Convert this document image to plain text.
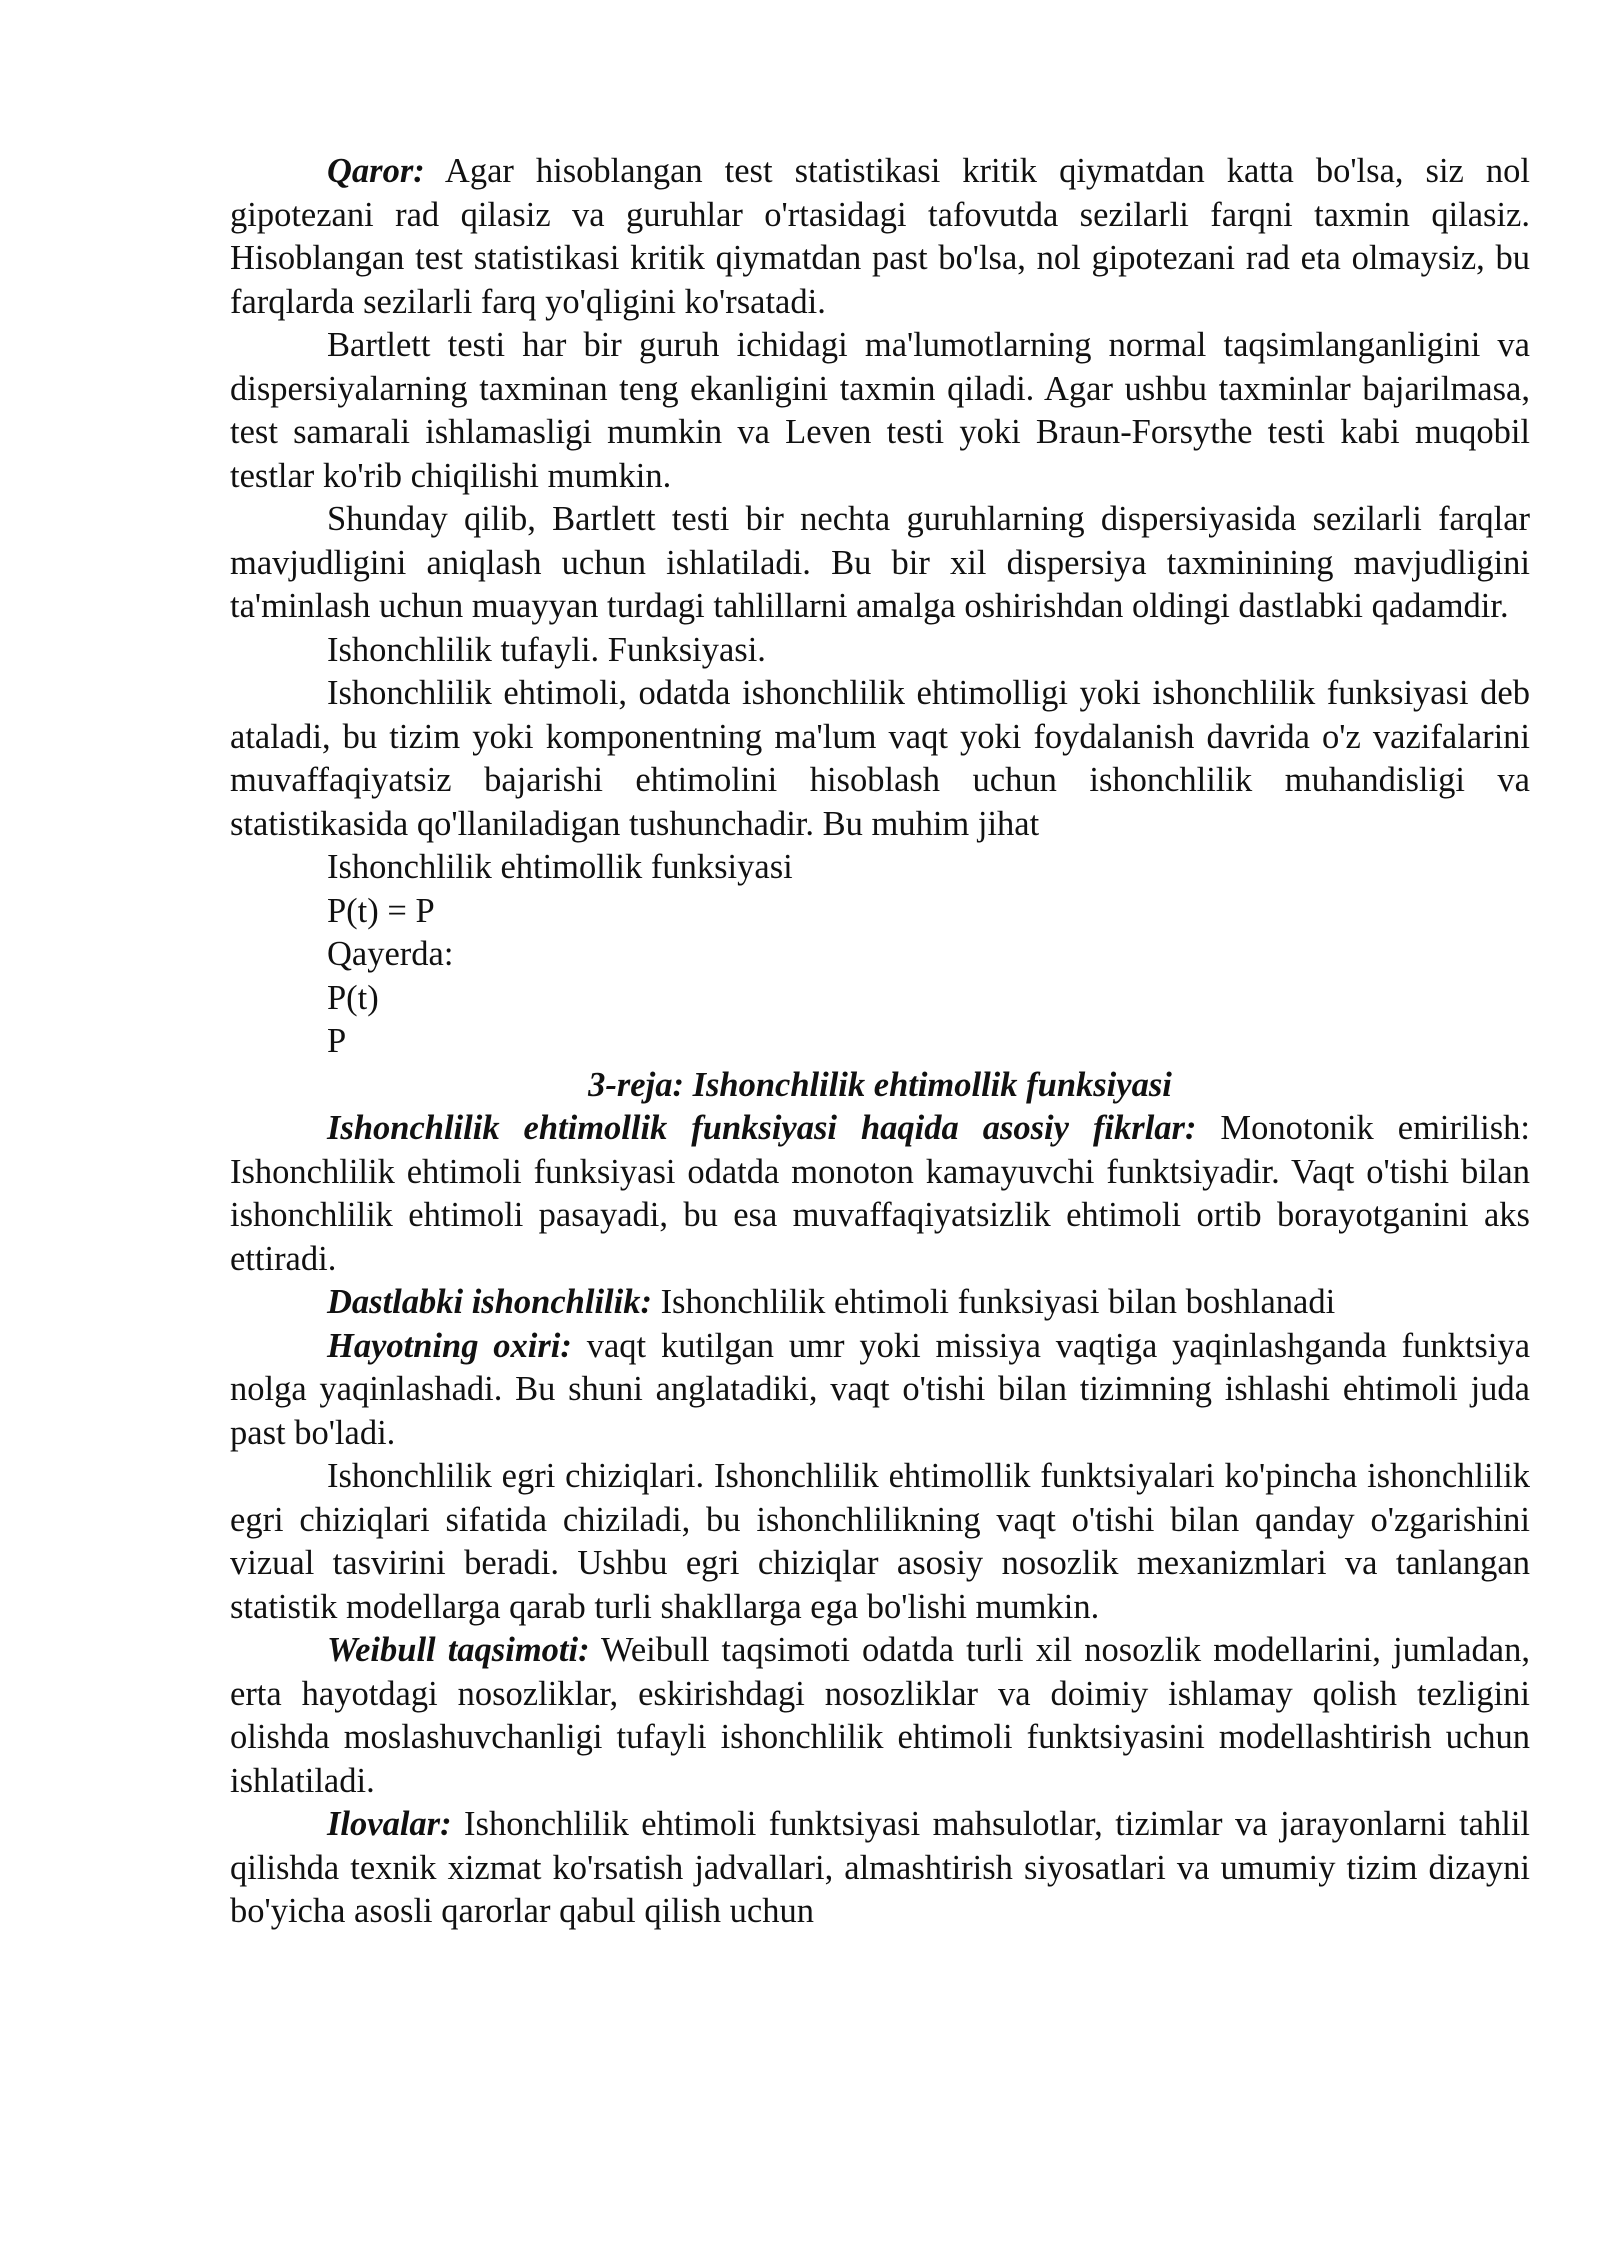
Qaror: Agar hisoblangan test statistikasi kritik qiymatdan katta bo'lsa, siz nol gipotezani rad qilasiz va guruhlar o'rtasidagi tafovutda sezilarli farqni taxmin qilasiz. Hisoblangan test statistikasi kritik qiymatdan past bo'lsa, nol gipotezani rad eta olmaysiz, bu farqlarda sezilarli farq yo'qligini ko'rsatadi.

Bartlett testi har bir guruh ichidagi ma'lumotlarning normal taqsimlanganligini va dispersiyalarning taxminan teng ekanligini taxmin qiladi. Agar ushbu taxminlar bajarilmasa, test samarali ishlamasligi mumkin va Leven testi yoki Braun-Forsythe testi kabi muqobil testlar ko'rib chiqilishi mumkin.

Shunday qilib, Bartlett testi bir nechta guruhlarning dispersiyasida sezilarli farqlar mavjudligini aniqlash uchun ishlatiladi. Bu bir xil dispersiya taxminining mavjudligini ta'minlash uchun muayyan turdagi tahlillarni amalga oshirishdan oldingi dastlabki qadamdir.

Ishonchlilik tufayli. Funksiyasi.

Ishonchlilik ehtimoli, odatda ishonchlilik ehtimolligi yoki ishonchlilik funksiyasi deb ataladi, bu tizim yoki komponentning ma'lum vaqt yoki foydalanish davrida o'z vazifalarini muvaffaqiyatsiz bajarishi ehtimolini hisoblash uchun ishonchlilik muhandisligi va statistikasida qo'llaniladigan tushunchadir. Bu muhim jihat

Ishonchlilik ehtimollik funksiyasi

P(t) = P

Qayerda:

P(t)

P

3-reja: Ishonchlilik ehtimollik funksiyasi

Ishonchlilik ehtimollik funksiyasi haqida asosiy fikrlar: Monotonik emirilish: Ishonchlilik ehtimoli funksiyasi odatda monoton kamayuvchi funktsiyadir. Vaqt o'tishi bilan ishonchlilik ehtimoli pasayadi, bu esa muvaffaqiyatsizlik ehtimoli ortib borayotganini aks ettiradi.

Dastlabki ishonchlilik: Ishonchlilik ehtimoli funksiyasi bilan boshlanadi

Hayotning oxiri: vaqt kutilgan umr yoki missiya vaqtiga yaqinlashganda funktsiya nolga yaqinlashadi. Bu shuni anglatadiki, vaqt o'tishi bilan tizimning ishlashi ehtimoli juda past bo'ladi.

Ishonchlilik egri chiziqlari. Ishonchlilik ehtimollik funktsiyalari ko'pincha ishonchlilik egri chiziqlari sifatida chiziladi, bu ishonchlilikning vaqt o'tishi bilan qanday o'zgarishini vizual tasvirini beradi. Ushbu egri chiziqlar asosiy nosozlik mexanizmlari va tanlangan statistik modellarga qarab turli shakllarga ega bo'lishi mumkin.

Weibull taqsimoti: Weibull taqsimoti odatda turli xil nosozlik modellarini, jumladan, erta hayotdagi nosozliklar, eskirishdagi nosozliklar va doimiy ishlamay qolish tezligini olishda moslashuvchanligi tufayli ishonchlilik ehtimoli funktsiyasini modellashtirish uchun ishlatiladi.

Ilovalar: Ishonchlilik ehtimoli funktsiyasi mahsulotlar, tizimlar va jarayonlarni tahlil qilishda texnik xizmat ko'rsatish jadvallari, almashtirish siyosatlari va umumiy tizim dizayni bo'yicha asosli qarorlar qabul qilish uchun
